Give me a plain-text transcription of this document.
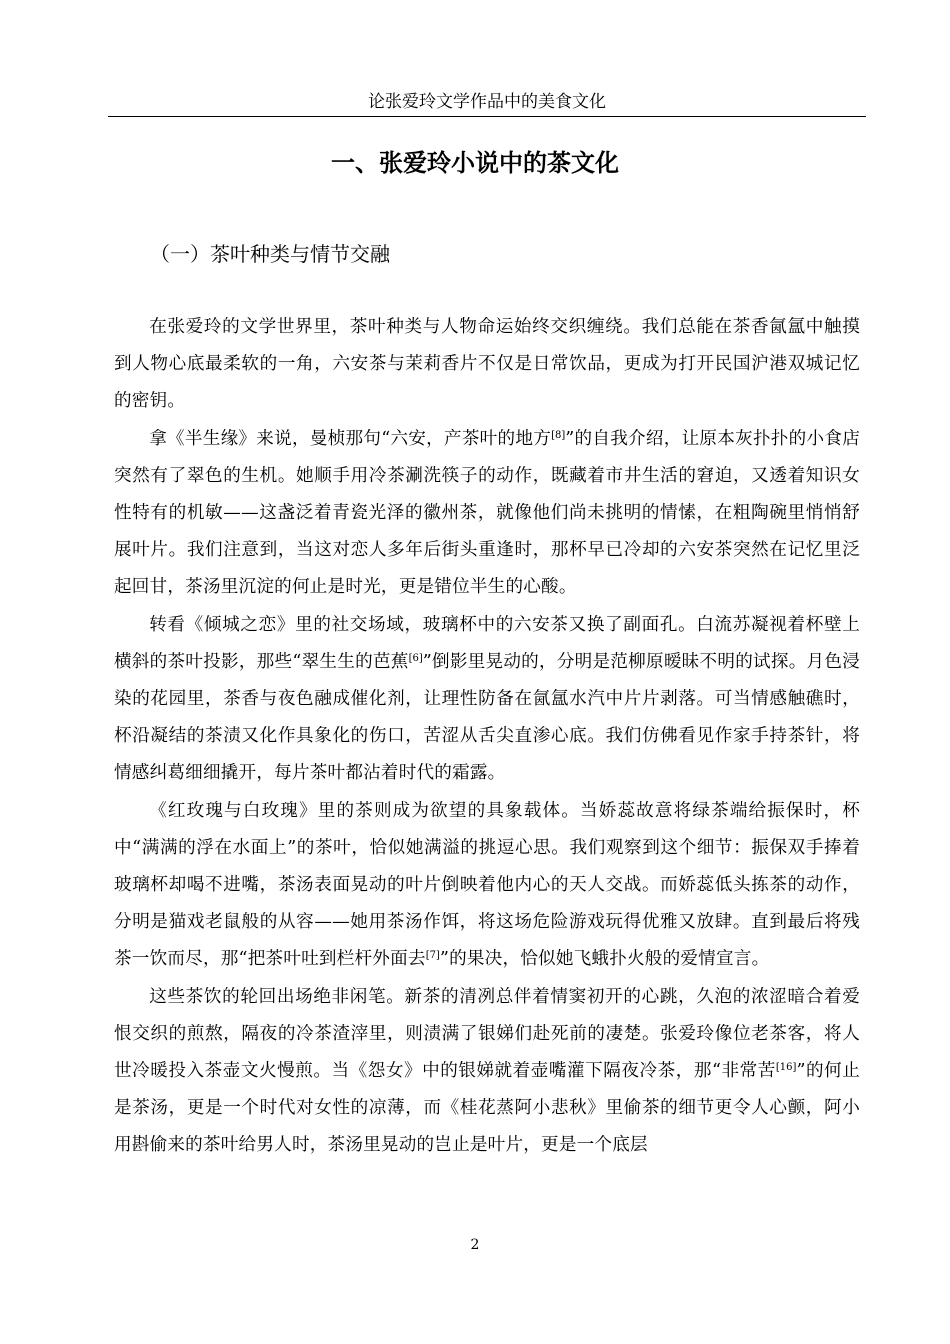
论张爱玲文学作品中的美食文化
一、张爱玲小说中的茶文化
（一）茶叶种类与情节交融

在张爱玲的文学世界里，茶叶种类与人物命运始终交织缠绕。我们总能在茶香氤氲中触摸到人物心底最柔软的一角，六安茶与茉莉香片不仅是日常饮品，更成为打开民国沪港双城记忆的密钥。

拿《半生缘》来说，曼桢那句“六安，产茶叶的地方[8]”的自我介绍，让原本灰扑扑的小食店突然有了翠色的生机。她顺手用冷茶涮洗筷子的动作，既藏着市井生活的窘迫，又透着知识女性特有的机敏——这盏泛着青瓷光泽的徽州茶，就像他们尚未挑明的情愫，在粗陶碗里悄悄舒展叶片。我们注意到，当这对恋人多年后街头重逢时，那杯早已冷却的六安茶突然在记忆里泛起回甘，茶汤里沉淀的何止是时光，更是错位半生的心酸。

转看《倾城之恋》里的社交场域，玻璃杯中的六安茶又换了副面孔。白流苏凝视着杯壁上横斜的茶叶投影，那些“翠生生的芭蕉[6]”倒影里晃动的，分明是范柳原暧昧不明的试探。月色浸染的花园里，茶香与夜色融成催化剂，让理性防备在氤氲水汽中片片剥落。可当情感触礁时，杯沿凝结的茶渍又化作具象化的伤口，苦涩从舌尖直渗心底。我们仿佛看见作家手持茶针，将情感纠葛细细撬开，每片茶叶都沾着时代的霜露。

《红玫瑰与白玫瑰》里的茶则成为欲望的具象载体。当娇蕊故意将绿茶端给振保时，杯中“满满的浮在水面上”的茶叶，恰似她满溢的挑逗心思。我们观察到这个细节：振保双手捧着玻璃杯却喝不进嘴，茶汤表面晃动的叶片倒映着他内心的天人交战。而娇蕊低头拣茶的动作，分明是猫戏老鼠般的从容——她用茶汤作饵，将这场危险游戏玩得优雅又放肆。直到最后将残茶一饮而尽，那“把茶叶吐到栏杆外面去[7]”的果决，恰似她飞蛾扑火般的爱情宣言。

这些茶饮的轮回出场绝非闲笔。新茶的清冽总伴着情窦初开的心跳，久泡的浓涩暗合着爱恨交织的煎熬，隔夜的冷茶渣滓里，则渍满了银娣们赴死前的凄楚。张爱玲像位老茶客，将人世冷暖投入茶壶文火慢煎。当《怨女》中的银娣就着壶嘴灌下隔夜冷茶，那“非常苦[16]”的何止是茶汤，更是一个时代对女性的凉薄，而《桂花蒸阿小悲秋》里偷茶的细节更令人心颤，阿小用斟偷来的茶叶给男人时，茶汤里晃动的岂止是叶片，更是一个底层

2
